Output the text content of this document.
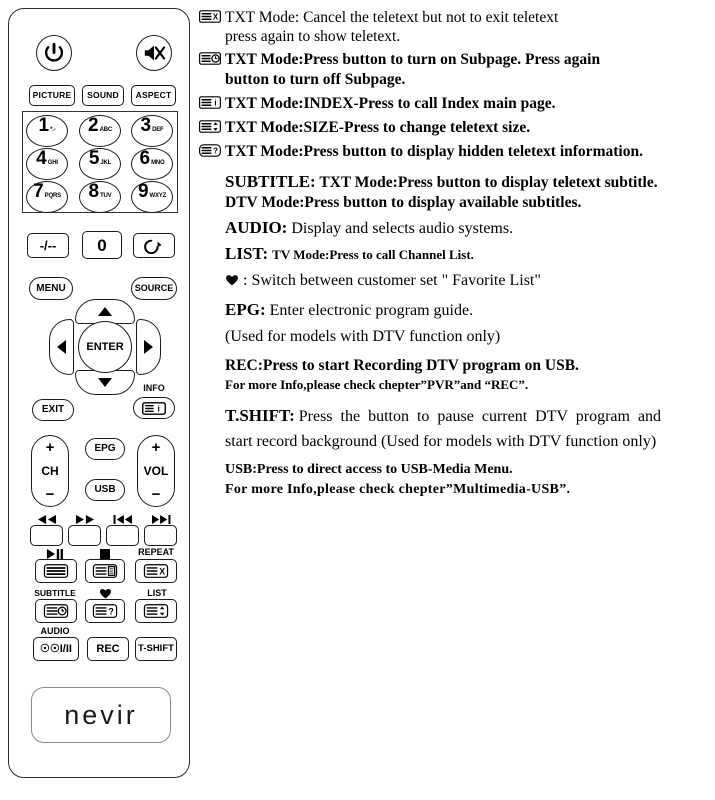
PICTURE	SOUND	ASPECT
1 *.- 2 ABC 3 DEF
4 GHI 5 JKL 6 MNO
7 PQRS 8 TUV 9 WXYZ
-/--	0
MENU	SOURCE
ENTER
EXIT
INFO
i
+
CH
−
+
VOL
−
EPG
USB
REPEAT
X
SUBTITLE	LIST
?
AUDIO
☉☉I/II	REC	T-SHIFT
nevir
X TXT Mode: Cancel the teletext but not to exit teletext
press again to show teletext.
TXT Mode:Press button to turn on Subpage. Press again
button to turn off Subpage.
i TXT Mode:INDEX-Press to call Index main page.
TXT Mode:SIZE-Press to change teletext size.
? TXT Mode:Press button to display hidden teletext information.
SUBTITLE: TXT Mode:Press button to display teletext subtitle.
DTV Mode:Press button to display available subtitles.
AUDIO: Display and selects audio systems.
LIST: TV Mode:Press to call Channel List.
: Switch between customer set " Favorite List"
EPG: Enter electronic program guide.
(Used for models with DTV function only)
REC:Press to start Recording DTV program on USB.
For more Info,please check chepter”PVR”and “REC”.
T.SHIFT: Press the button to pause current DTV program and
start record background (Used for models with DTV function only)
USB:Press to direct access to USB-Media Menu.
For more Info,please check chepter”Multimedia-USB”.
